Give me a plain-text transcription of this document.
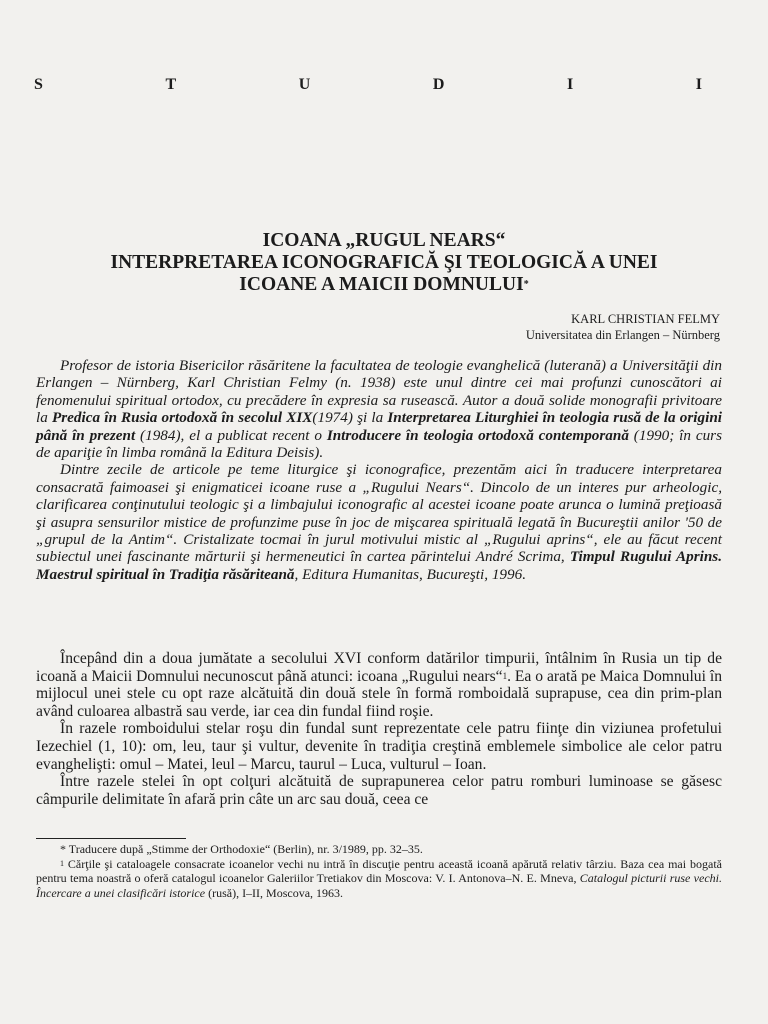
S	T	U	D	I	I
ICOANA „RUGUL NEARS“
INTERPRETAREA ICONOGRAFICĂ ŞI TEOLOGICĂ A UNEI
ICOANE A MAICII DOMNULUI*
KARL CHRISTIAN FELMY
Universitatea din Erlangen – Nürnberg

Profesor de istoria Bisericilor răsăritene la facultatea de teologie evanghelică (luterană) a Universităţii din Erlangen – Nürnberg, Karl Christian Felmy (n. 1938) este unul dintre cei mai profunzi cunoscători ai fenomenului spiritual ortodox, cu precădere în expresia sa rusească. Autor a două solide monografii privitoare la Predica în Rusia ortodoxă în secolul XIX(1974) şi la Interpretarea Liturghiei în teologia rusă de la origini până în prezent (1984), el a publicat recent o Introducere în teologia ortodoxă contemporană (1990; în curs de apariţie în limba română la Editura Deisis).

Dintre zecile de articole pe teme liturgice şi iconografice, prezentăm aici în traducere interpretarea consacrată faimoasei şi enigmaticei icoane ruse a „Rugului Nears“. Dincolo de un interes pur arheologic, clarificarea conţinutului teologic şi a limbajului iconografic al acestei icoane poate arunca o lumină preţioasă şi asupra sensurilor mistice de profunzime puse în joc de mişcarea spirituală legată în Bucureştii anilor '50 de „grupul de la Antim“. Cristalizate tocmai în jurul motivului mistic al „Rugului aprins“, ele au făcut recent subiectul unei fascinante mărturii şi hermeneutici în cartea părintelui André Scrima, Timpul Rugului Aprins. Maestrul spiritual în Tradiţia răsăriteană, Editura Humanitas, Bucureşti, 1996.

Începând din a doua jumătate a secolului XVI conform datărilor timpurii, întâlnim în Rusia un tip de icoană a Maicii Domnului necunoscut până atunci: icoana „Rugului nears“$^1$. Ea o arată pe Maica Domnului în mijlocul unei stele cu opt raze alcătuită din două stele în formă romboidală suprapuse, cea din prim-plan având culoarea albastră sau verde, iar cea din fundal fiind roşie.

În razele romboidului stelar roşu din fundal sunt reprezentate cele patru fiinţe din viziunea profetului Iezechiel (1, 10): om, leu, taur şi vultur, devenite în tradiţia creştină emblemele simbolice ale celor patru evanghelişti: omul – Matei, leul – Marcu, taurul – Luca, vulturul – Ioan.

Între razele stelei în opt colţuri alcătuită de suprapunerea celor patru romburi luminoase se găsesc câmpurile delimitate în afară prin câte un arc sau două, ceea ce

* Traducere după „Stimme der Orthodoxie“ (Berlin), nr. 3/1989, pp. 32–35.

$^1$ Cărţile şi cataloagele consacrate icoanelor vechi nu intră în discuţie pentru această icoană apărută relativ târziu. Baza cea mai bogată pentru tema noastră o oferă catalogul icoanelor Galeriilor Tretiakov din Moscova: V. I. Antonova–N. E. Mneva, Catalogul picturii ruse vechi. Încercare a unei clasificări istorice (rusă), I–II, Moscova, 1963.
